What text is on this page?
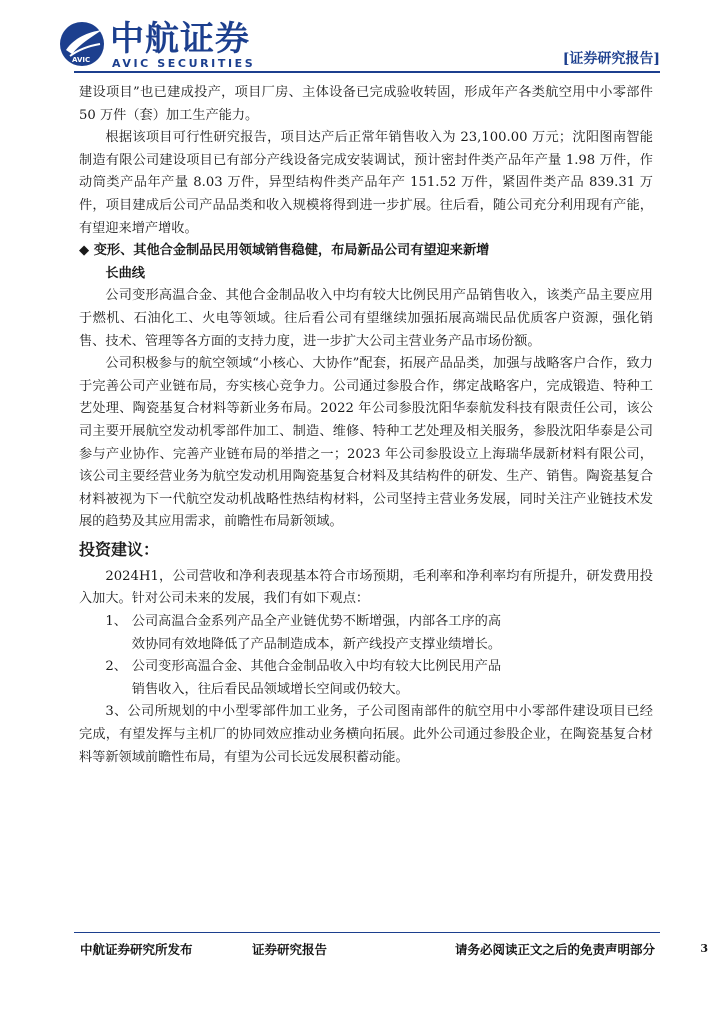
AVIC
中航证券
AVIC SECURITIES	[证券研究报告]

建设项目”也已建成投产，项目厂房、主体设备已完成验收转固，形成年产各类航空用中小零部件 50 万件（套）加工生产能力。

根据该项目可行性研究报告，项目达产后正常年销售收入为 23,100.00 万元；沈阳图南智能制造有限公司建设项目已有部分产线设备完成安装调试，预计密封件类产品年产量 1.98 万件，作动筒类产品年产量 8.03 万件，异型结构件类产品年产 151.52 万件，紧固件类产品 839.31 万件，项目建成后公司产品品类和收入规模将得到进一步扩展。往后看，随公司充分利用现有产能，有望迎来增产增收。

◆ 变形、其他合金制品民用领域销售稳健，布局新品公司有望迎来新增
长曲线

公司变形高温合金、其他合金制品收入中均有较大比例民用产品销售收入，该类产品主要应用于燃机、石油化工、火电等领域。往后看公司有望继续加强拓展高端民品优质客户资源，强化销售、技术、管理等各方面的支持力度，进一步扩大公司主营业务产品市场份额。

公司积极参与的航空领域“小核心、大协作”配套，拓展产品品类，加强与战略客户合作，致力于完善公司产业链布局，夯实核心竞争力。公司通过参股合作，绑定战略客户，完成锻造、特种工艺处理、陶瓷基复合材料等新业务布局。2022 年公司参股沈阳华泰航发科技有限责任公司，该公司主要开展航空发动机零部件加工、制造、维修、特种工艺处理及相关服务，参股沈阳华泰是公司参与产业协作、完善产业链布局的举措之一；2023 年公司参股设立上海瑞华晟新材料有限公司，该公司主要经营业务为航空发动机用陶瓷基复合材料及其结构件的研发、生产、销售。陶瓷基复合材料被视为下一代航空发动机战略性热结构材料，公司坚持主营业务发展，同时关注产业链技术发展的趋势及其应用需求，前瞻性布局新领域。

投资建议：

2024H1，公司营收和净利表现基本符合市场预期，毛利率和净利率均有所提升，研发费用投入加大。针对公司未来的发展，我们有如下观点：

1、 公司高温合金系列产品全产业链优势不断增强，内部各工序的高
效协同有效地降低了产品制造成本，新产线投产支撑业绩增长。
2、 公司变形高温合金、其他合金制品收入中均有较大比例民用产品
销售收入，往后看民品领域增长空间或仍较大。

3、公司所规划的中小型零部件加工业务，子公司图南部件的航空用中小零部件建设项目已经完成，有望发挥与主机厂的协同效应推动业务横向拓展。此外公司通过参股企业，在陶瓷基复合材料等新领域前瞻性布局，有望为公司长远发展积蓄动能。

中航证券研究所发布	证券研究报告	请务必阅读正文之后的免责声明部分	3
